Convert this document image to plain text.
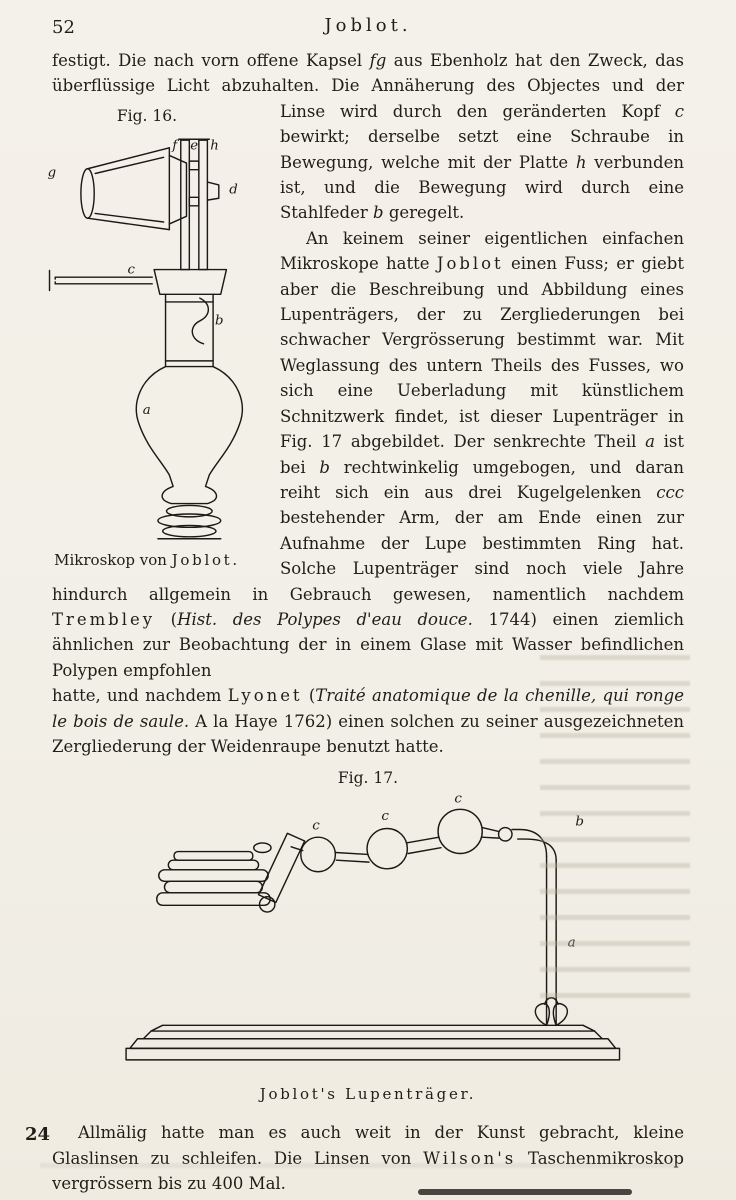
52	Joblot.

festigt. Die nach vorn offene Kapsel fg aus Ebenholz hat den Zweck, das überflüssige Licht abzuhalten. Die Annäherung des Objectes und der

Fig. 16.
g
f e h
d
c
b
a
Mikroskop von Joblot.

Linse wird durch den geränderten Kopf c bewirkt; derselbe setzt eine Schraube in Bewegung, welche mit der Platte h verbunden ist, und die Bewegung wird durch eine Stahlfeder b geregelt.

An keinem seiner eigentlichen einfachen Mikroskope hatte Joblot einen Fuss; er giebt aber die Beschreibung und Abbildung eines Lupenträgers, der zu Zergliederungen bei schwacher Vergrösserung bestimmt war. Mit Weglassung des untern Theils des Fusses, wo sich eine Ueberladung mit künstlichem Schnitzwerk findet, ist dieser Lupenträger in Fig. 17 abgebildet. Der senkrechte Theil a ist bei b rechtwinkelig umgebogen, und daran reiht sich ein aus drei Kugelgelenken ccc bestehender Arm, der am Ende einen zur Aufnahme der Lupe bestimmten Ring hat. Solche Lupenträger sind noch viele Jahre hindurch allgemein in Gebrauch gewesen, namentlich nachdem Trembley (Hist. des Polypes d'eau douce. 1744) einen ziemlich ähnlichen zur Beobachtung der in einem Glase mit Wasser befindlichen Polypen empfohlen

hatte, und nachdem Lyonet (Traité anatomique de la chenille, qui ronge le bois de saule. A la Haye 1762) einen solchen zu seiner ausgezeichneten Zergliederung der Weidenraupe benutzt hatte.

Fig. 17.
c
c
c
b
a
Joblot's Lupenträger.
24	Allmälig hatte man es auch weit in der Kunst gebracht, kleine Glaslinsen zu schleifen. Die Linsen von Wilson's Taschenmikroskop vergrössern bis zu 400 Mal.
